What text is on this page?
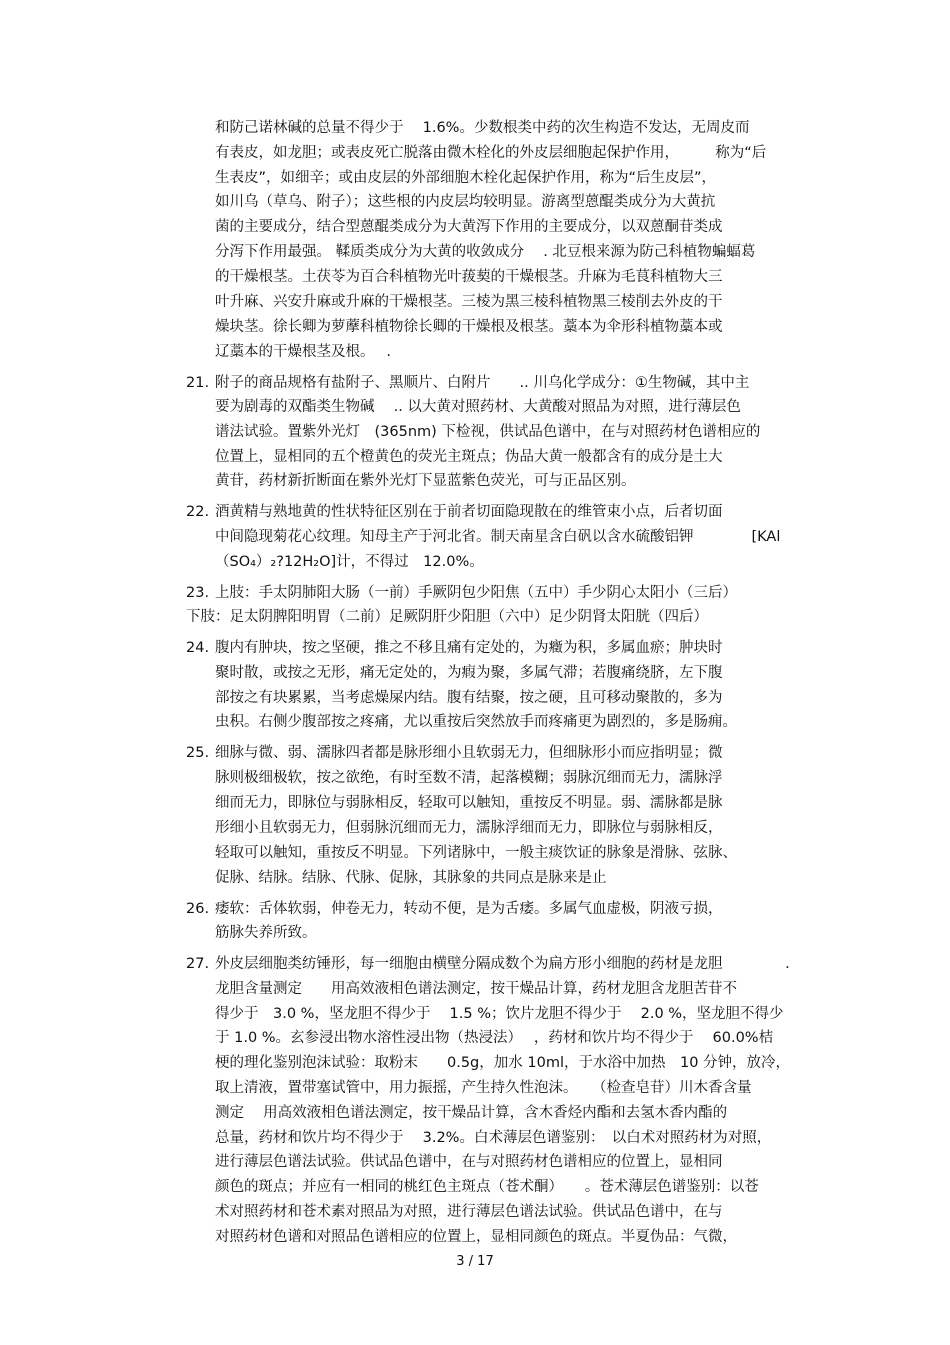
和防己诺林碱的总量不得少于 　1.6%。少数根类中药的次生构造不发达，无周皮而
有表皮，如龙胆；或表皮死亡脱落由微木栓化的外皮层细胞起保护作用，　　　称为“后
生表皮”，如细辛；或由皮层的外部细胞木栓化起保护作用，称为“后生皮层”，
如川乌（草乌、附子）；这些根的内皮层均较明显。游离型蒽醌类成分为大黄抗
菌的主要成分，结合型蒽醌类成分为大黄泻下作用的主要成分，以双蒽酮苷类成
分泻下作用最强。 鞣质类成分为大黄的收敛成分　 . 北豆根来源为防己科植物蝙蝠葛
的干燥根茎。土茯苓为百合科植物光叶菝葜的干燥根茎。升麻为毛茛科植物大三
叶升麻、兴安升麻或升麻的干燥根茎。三棱为黑三棱科植物黑三棱削去外皮的干
燥块茎。徐长卿为萝藦科植物徐长卿的干燥根及根茎。藁本为伞形科植物藁本或
辽藁本的干燥根茎及根。　 .
21. 附子的商品规格有盐附子、黑顺片、白附片　　.. 川乌化学成分：①生物碱，其中主
要为剧毒的双酯类生物碱　 .. 以大黄对照药材、大黄酸对照品为对照，进行薄层色
谱法试验。置紫外光灯　(365nm) 下检视，供试品色谱中，在与对照药材色谱相应的
位置上，显相同的五个橙黄色的荧光主斑点；伪品大黄一般都含有的成分是土大
黄苷，药材新折断面在紫外光灯下显蓝紫色荧光，可与正品区别。
22. 酒黄精与熟地黄的性状特征区别在于前者切面隐现散在的维管束小点，后者切面
中间隐现菊花心纹理。知母主产于河北省。制天南星含白矾以含水硫酸铝钾　　　　[KAl
（SO₄）₂?12H₂O]计，不得过　12.0%。
23. 上肢：手太阴肺阳大肠（一前）手厥阴包少阳焦（五中）手少阴心太阳小（三后）
下肢：足太阴脾阳明胃（二前）足厥阴肝少阳胆（六中）足少阴肾太阳胱（四后）
24. 腹内有肿块，按之坚硬，推之不移且痛有定处的，为癥为积，多属血瘀；肿块时
聚时散，或按之无形，痛无定处的，为瘕为聚，多属气滞；若腹痛绕脐，左下腹
部按之有块累累，当考虑燥屎内结。腹有结聚，按之硬，且可移动聚散的，多为
虫积。右侧少腹部按之疼痛，尤以重按后突然放手而疼痛更为剧烈的，多是肠痈。
25. 细脉与微、弱、濡脉四者都是脉形细小且软弱无力，但细脉形小而应指明显；微
脉则极细极软，按之欲绝，有时至数不清，起落模糊；弱脉沉细而无力，濡脉浮
细而无力，即脉位与弱脉相反，轻取可以触知，重按反不明显。弱、濡脉都是脉
形细小且软弱无力，但弱脉沉细而无力，濡脉浮细而无力，即脉位与弱脉相反，
轻取可以触知，重按反不明显。下列诸脉中，一般主痰饮证的脉象是滑脉、弦脉、
促脉、结脉。结脉、代脉、促脉，其脉象的共同点是脉来是止
26. 痿软：舌体软弱，伸卷无力，转动不便，是为舌痿。多属气血虚极，阴液亏损，
筋脉失养所致。
27. 外皮层细胞类纺锤形，每一细胞由横壁分隔成数个为扁方形小细胞的药材是龙胆　　　　 .
龙胆含量测定　　用高效液相色谱法测定，按干燥品计算，药材龙胆含龙胆苦苷不
得少于　3.0 %，坚龙胆不得少于　 1.5 %；饮片龙胆不得少于　 2.0 %，坚龙胆不得少
于 1.0 %。玄参浸出物水溶性浸出物（热浸法）　 ，药材和饮片均不得少于　 60.0%桔
梗的理化鉴别泡沫试验：取粉末　　0.5g，加水 10ml，于水浴中加热　10 分钟，放冷，
取上清液，置带塞试管中，用力振摇，产生持久性泡沫。　　（检查皂苷）川木香含量
测定　 用高效液相色谱法测定，按干燥品计算，含木香烃内酯和去氢木香内酯的
总量，药材和饮片均不得少于　 3.2%。白术薄层色谱鉴别：　以白术对照药材为对照，
进行薄层色谱法试验。供试品色谱中，在与对照药材色谱相应的位置上，显相同
颜色的斑点；并应有一相同的桃红色主斑点（苍术酮）　　。苍术薄层色谱鉴别：以苍
术对照药材和苍术素对照品为对照，进行薄层色谱法试验。供试品色谱中，在与
对照药材色谱和对照品色谱相应的位置上，显相同颜色的斑点。半夏伪品：气微，
3 / 17
